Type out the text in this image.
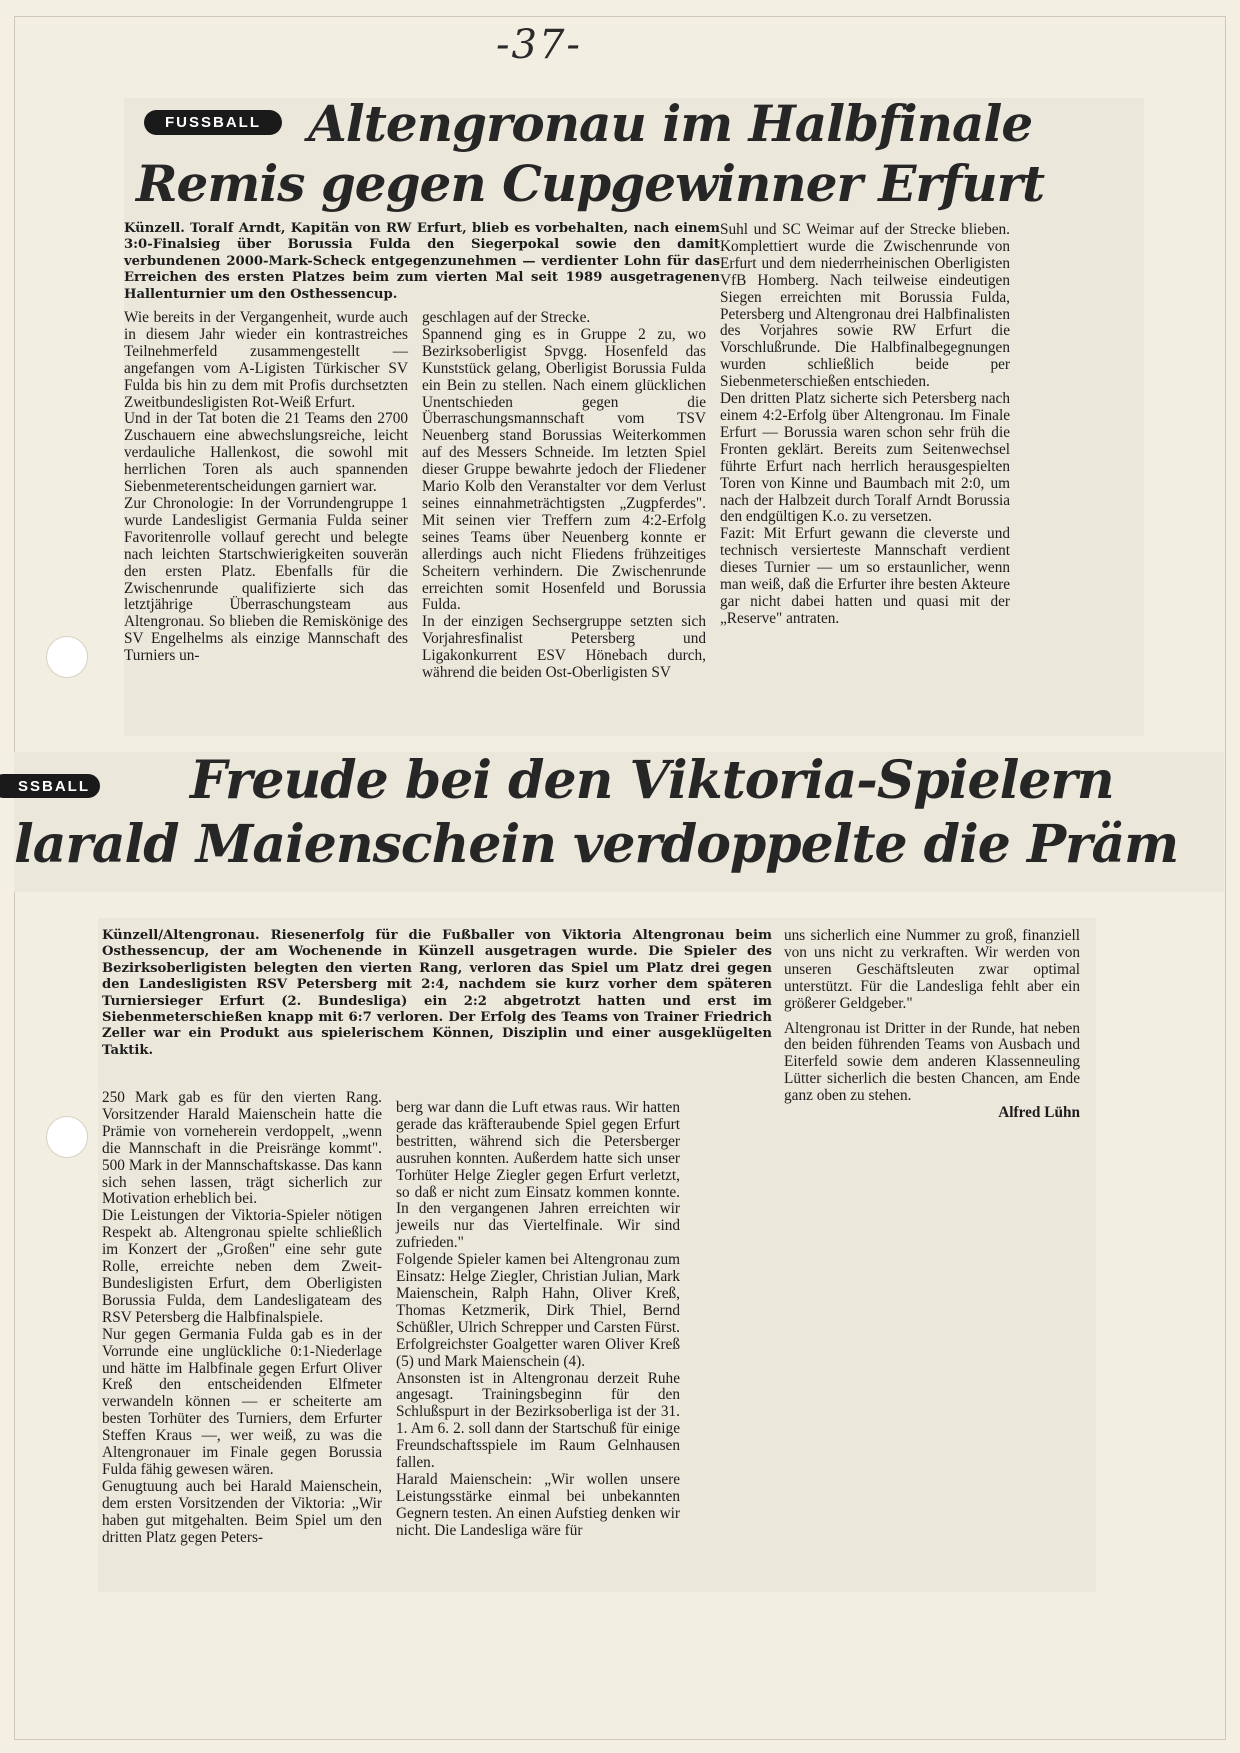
-37-
FUSSBALL Altengronau im Halbfinale
Remis gegen Cupgewinner Erfurt
Künzell. Toralf Arndt, Kapitän von RW Erfurt, blieb es vorbehalten, nach einem 3:0-Finalsieg über Borussia Fulda den Siegerpokal sowie den damit verbundenen 2000-Mark-Scheck entgegenzunehmen — verdienter Lohn für das Erreichen des ersten Platzes beim zum vierten Mal seit 1989 ausgetragenen Hallenturnier um den Osthessencup.

Wie bereits in der Vergangenheit, wurde auch in diesem Jahr wieder ein kontrastreiches Teilnehmerfeld zusammengestellt — angefangen vom A-Ligisten Türkischer SV Fulda bis hin zu dem mit Profis durchsetzten Zweitbundesligisten Rot-Weiß Erfurt.

Und in der Tat boten die 21 Teams den 2700 Zuschauern eine abwechslungsreiche, leicht verdauliche Hallenkost, die sowohl mit herrlichen Toren als auch spannenden Siebenmeterentscheidungen garniert war.

Zur Chronologie: In der Vorrundengruppe 1 wurde Landesligist Germania Fulda seiner Favoritenrolle vollauf gerecht und belegte nach leichten Startschwierigkeiten souverän den ersten Platz. Ebenfalls für die Zwischenrunde qualifizierte sich das letztjährige Überraschungsteam aus Altengronau. So blieben die Remiskönige des SV Engelhelms als einzige Mannschaft des Turniers un-

geschlagen auf der Strecke.

Spannend ging es in Gruppe 2 zu, wo Bezirksoberligist Spvgg. Hosenfeld das Kunststück gelang, Oberligist Borussia Fulda ein Bein zu stellen. Nach einem glücklichen Unentschieden gegen die Überraschungsmannschaft vom TSV Neuenberg stand Borussias Weiterkommen auf des Messers Schneide. Im letzten Spiel dieser Gruppe bewahrte jedoch der Fliedener Mario Kolb den Veranstalter vor dem Verlust seines einnahmeträchtigsten „Zugpferdes". Mit seinen vier Treffern zum 4:2-Erfolg seines Teams über Neuenberg konnte er allerdings auch nicht Fliedens frühzeitiges Scheitern verhindern. Die Zwischenrunde erreichten somit Hosenfeld und Borussia Fulda.

In der einzigen Sechsergruppe setzten sich Vorjahresfinalist Petersberg und Ligakonkurrent ESV Hönebach durch, während die beiden Ost-Oberligisten SV

Suhl und SC Weimar auf der Strecke blieben. Komplettiert wurde die Zwischenrunde von Erfurt und dem niederrheinischen Oberligisten VfB Homberg. Nach teilweise eindeutigen Siegen erreichten mit Borussia Fulda, Petersberg und Altengronau drei Halbfinalisten des Vorjahres sowie RW Erfurt die Vorschlußrunde. Die Halbfinalbegegnungen wurden schließlich beide per Siebenmeterschießen entschieden.

Den dritten Platz sicherte sich Petersberg nach einem 4:2-Erfolg über Altengronau. Im Finale Erfurt — Borussia waren schon sehr früh die Fronten geklärt. Bereits zum Seitenwechsel führte Erfurt nach herrlich herausgespielten Toren von Kinne und Baumbach mit 2:0, um nach der Halbzeit durch Toralf Arndt Borussia den endgültigen K.o. zu versetzen.

Fazit: Mit Erfurt gewann die cleverste und technisch versierteste Mannschaft verdient dieses Turnier — um so erstaunlicher, wenn man weiß, daß die Erfurter ihre besten Akteure gar nicht dabei hatten und quasi mit der „Reserve" antraten.

SSBALL Freude bei den Viktoria-Spielern
larald Maienschein verdoppelte die Präm
Künzell/Altengronau. Riesenerfolg für die Fußballer von Viktoria Altengronau beim Osthessencup, der am Wochenende in Künzell ausgetragen wurde. Die Spieler des Bezirksoberligisten belegten den vierten Rang, verloren das Spiel um Platz drei gegen den Landesligisten RSV Petersberg mit 2:4, nachdem sie kurz vorher dem späteren Turniersieger Erfurt (2. Bundesliga) ein 2:2 abgetrotzt hatten und erst im Siebenmeterschießen knapp mit 6:7 verloren. Der Erfolg des Teams von Trainer Friedrich Zeller war ein Produkt aus spielerischem Können, Disziplin und einer ausgeklügelten Taktik.

250 Mark gab es für den vierten Rang. Vorsitzender Harald Maienschein hatte die Prämie von vorneherein verdoppelt, „wenn die Mannschaft in die Preisränge kommt". 500 Mark in der Mannschaftskasse. Das kann sich sehen lassen, trägt sicherlich zur Motivation erheblich bei.

Die Leistungen der Viktoria-Spieler nötigen Respekt ab. Altengronau spielte schließlich im Konzert der „Großen" eine sehr gute Rolle, erreichte neben dem Zweit-Bundesligisten Erfurt, dem Oberligisten Borussia Fulda, dem Landesligateam des RSV Petersberg die Halbfinalspiele.

Nur gegen Germania Fulda gab es in der Vorrunde eine unglückliche 0:1-Niederlage und hätte im Halbfinale gegen Erfurt Oliver Kreß den entscheidenden Elfmeter verwandeln können — er scheiterte am besten Torhüter des Turniers, dem Erfurter Steffen Kraus —, wer weiß, zu was die Altengronauer im Finale gegen Borussia Fulda fähig gewesen wären.

Genugtuung auch bei Harald Maienschein, dem ersten Vorsitzenden der Viktoria: „Wir haben gut mitgehalten. Beim Spiel um den dritten Platz gegen Peters-

berg war dann die Luft etwas raus. Wir hatten gerade das kräfteraubende Spiel gegen Erfurt bestritten, während sich die Petersberger ausruhen konnten. Außerdem hatte sich unser Torhüter Helge Ziegler gegen Erfurt verletzt, so daß er nicht zum Einsatz kommen konnte. In den vergangenen Jahren erreichten wir jeweils nur das Viertelfinale. Wir sind zufrieden."

Folgende Spieler kamen bei Altengronau zum Einsatz: Helge Ziegler, Christian Julian, Mark Maienschein, Ralph Hahn, Oliver Kreß, Thomas Ketzmerik, Dirk Thiel, Bernd Schüßler, Ulrich Schrepper und Carsten Fürst. Erfolgreichster Goalgetter waren Oliver Kreß (5) und Mark Maienschein (4).

Ansonsten ist in Altengronau derzeit Ruhe angesagt. Trainingsbeginn für den Schlußspurt in der Bezirksoberliga ist der 31. 1. Am 6. 2. soll dann der Startschuß für einige Freundschaftsspiele im Raum Gelnhausen fallen.

Harald Maienschein: „Wir wollen unsere Leistungsstärke einmal bei unbekannten Gegnern testen. An einen Aufstieg denken wir nicht. Die Landesliga wäre für

uns sicherlich eine Nummer zu groß, finanziell von uns nicht zu verkraften. Wir werden von unseren Geschäftsleuten zwar optimal unterstützt. Für die Landesliga fehlt aber ein größerer Geldgeber."

Altengronau ist Dritter in der Runde, hat neben den beiden führenden Teams von Ausbach und Eiterfeld sowie dem anderen Klassenneuling Lütter sicherlich die besten Chancen, am Ende ganz oben zu stehen.

Alfred Lühn
